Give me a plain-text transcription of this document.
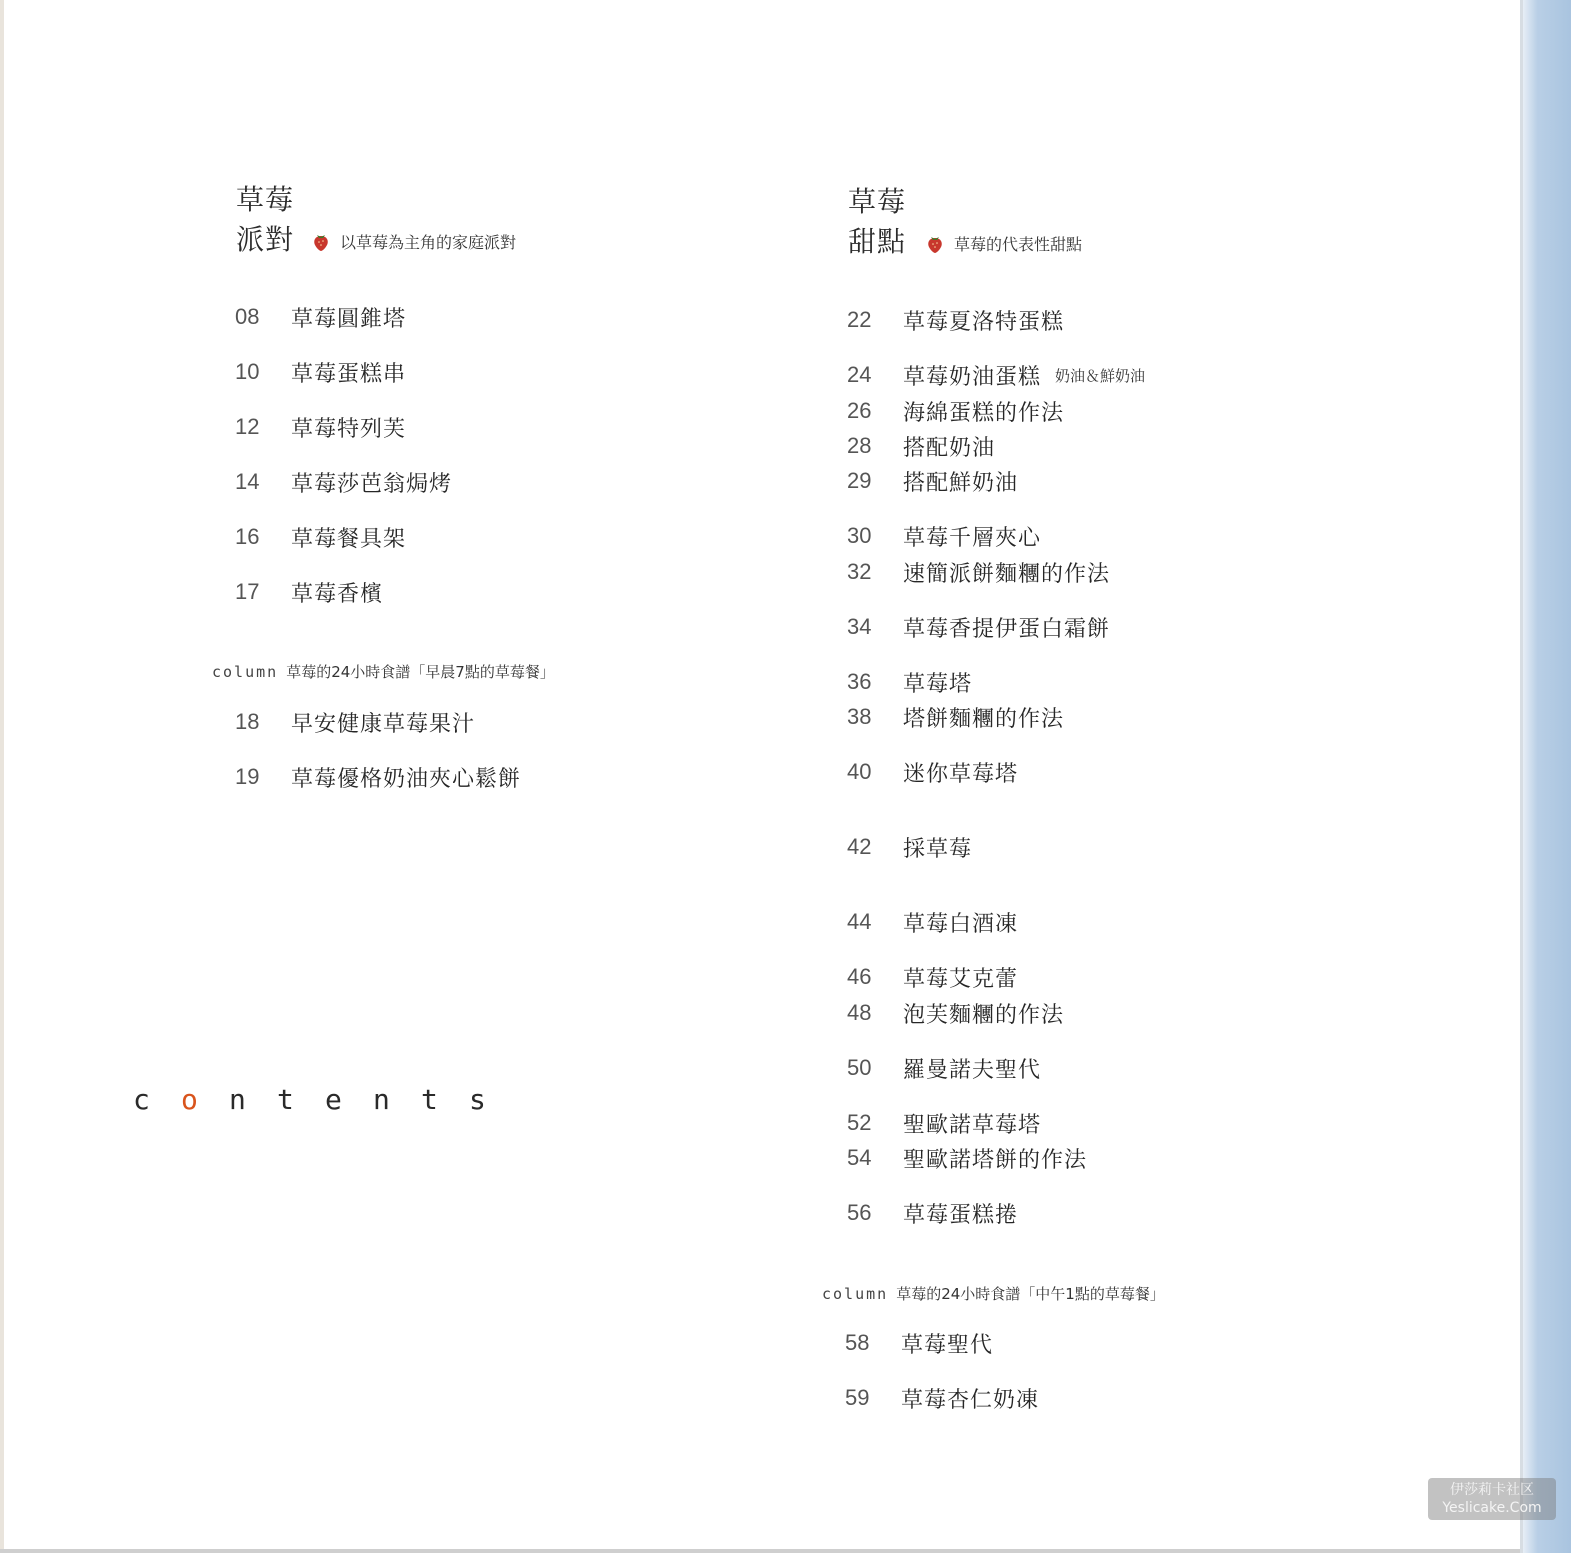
草莓
派對	以草莓為主角的家庭派對
08	草莓圓錐塔
10	草莓蛋糕串
12	草莓特列芙
14	草莓莎芭翁焗烤
16	草莓餐具架
17	草莓香檳
column 草莓的24小時食譜「早晨7點的草莓餐」
18	早安健康草莓果汁
19	草莓優格奶油夾心鬆餅
c	o	n	t	e	n	t	s
草莓
甜點	草莓的代表性甜點
22	草莓夏洛特蛋糕
24	草莓奶油蛋糕 奶油＆鮮奶油
26	海綿蛋糕的作法
28	搭配奶油
29	搭配鮮奶油
30	草莓千層夾心
32	速簡派餅麵糰的作法
34	草莓香提伊蛋白霜餅
36	草莓塔
38	塔餅麵糰的作法
40	迷你草莓塔
42	採草莓
44	草莓白酒凍
46	草莓艾克蕾
48	泡芙麵糰的作法
50	羅曼諾夫聖代
52	聖歐諾草莓塔
54	聖歐諾塔餅的作法
56	草莓蛋糕捲
column 草莓的24小時食譜「中午1點的草莓餐」
58	草莓聖代
59	草莓杏仁奶凍
伊莎莉卡社区
Yeslicake.Com
